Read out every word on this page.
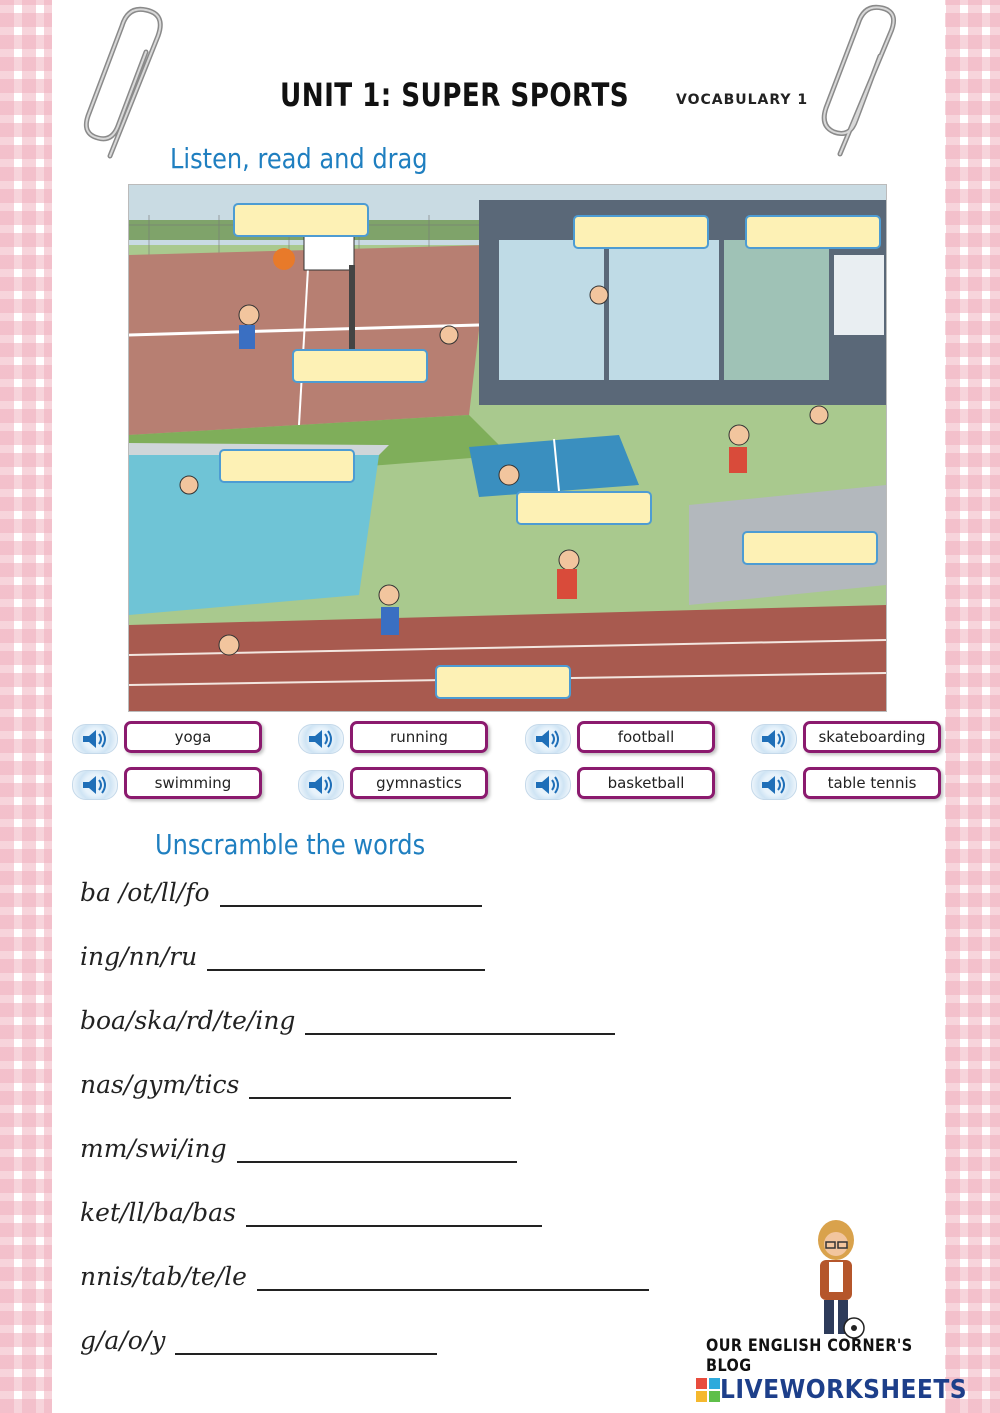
UNIT 1: SUPER SPORTS	VOCABULARY 1
Listen, read and drag
yoga	running	football	skateboarding
swimming	gymnastics	basketball	table tennis
Unscramble the words
ba /ot/ll/fo
ing/nn/ru
boa/ska/rd/te/ing
nas/gym/tics
mm/swi/ing
ket/ll/ba/bas
nnis/tab/te/le
g/a/o/y	OUR ENGLISH CORNER'S BLOG
LIVEWORKSHEETS
